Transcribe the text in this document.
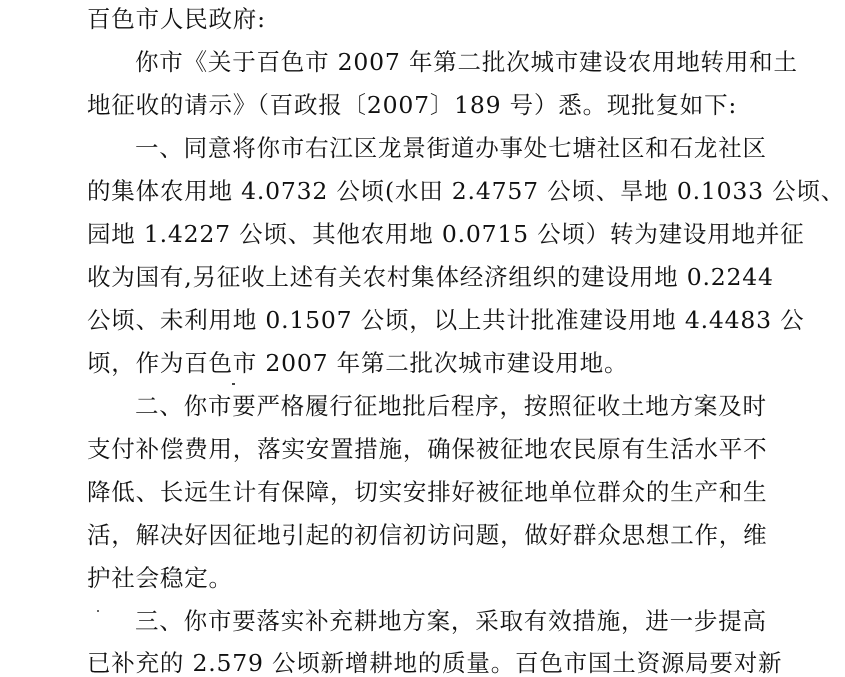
百色市人民政府:
你市《关于百色市 2007 年第二批次城市建设农用地转用和土
地征收的请示》（百政报〔2007〕189 号）悉。现批复如下:
一、同意将你市右江区龙景街道办事处七塘社区和石龙社区
的集体农用地 4.0732 公顷(水田 2.4757 公顷、旱地 0.1033 公顷、
园地 1.4227 公顷、其他农用地 0.0715 公顷）转为建设用地并征
收为国有,另征收上述有关农村集体经济组织的建设用地 0.2244
公顷、未利用地 0.1507 公顷，以上共计批准建设用地 4.4483 公
顷，作为百色市 2007 年第二批次城市建设用地。
二、你市要严格履行征地批后程序，按照征收土地方案及时
支付补偿费用，落实安置措施，确保被征地农民原有生活水平不
降低、长远生计有保障，切实安排好被征地单位群众的生产和生
活，解决好因征地引起的初信初访问题，做好群众思想工作，维
护社会稳定。
三、你市要落实补充耕地方案，采取有效措施，进一步提高
已补充的 2.579 公顷新增耕地的质量。百色市国土资源局要对新
